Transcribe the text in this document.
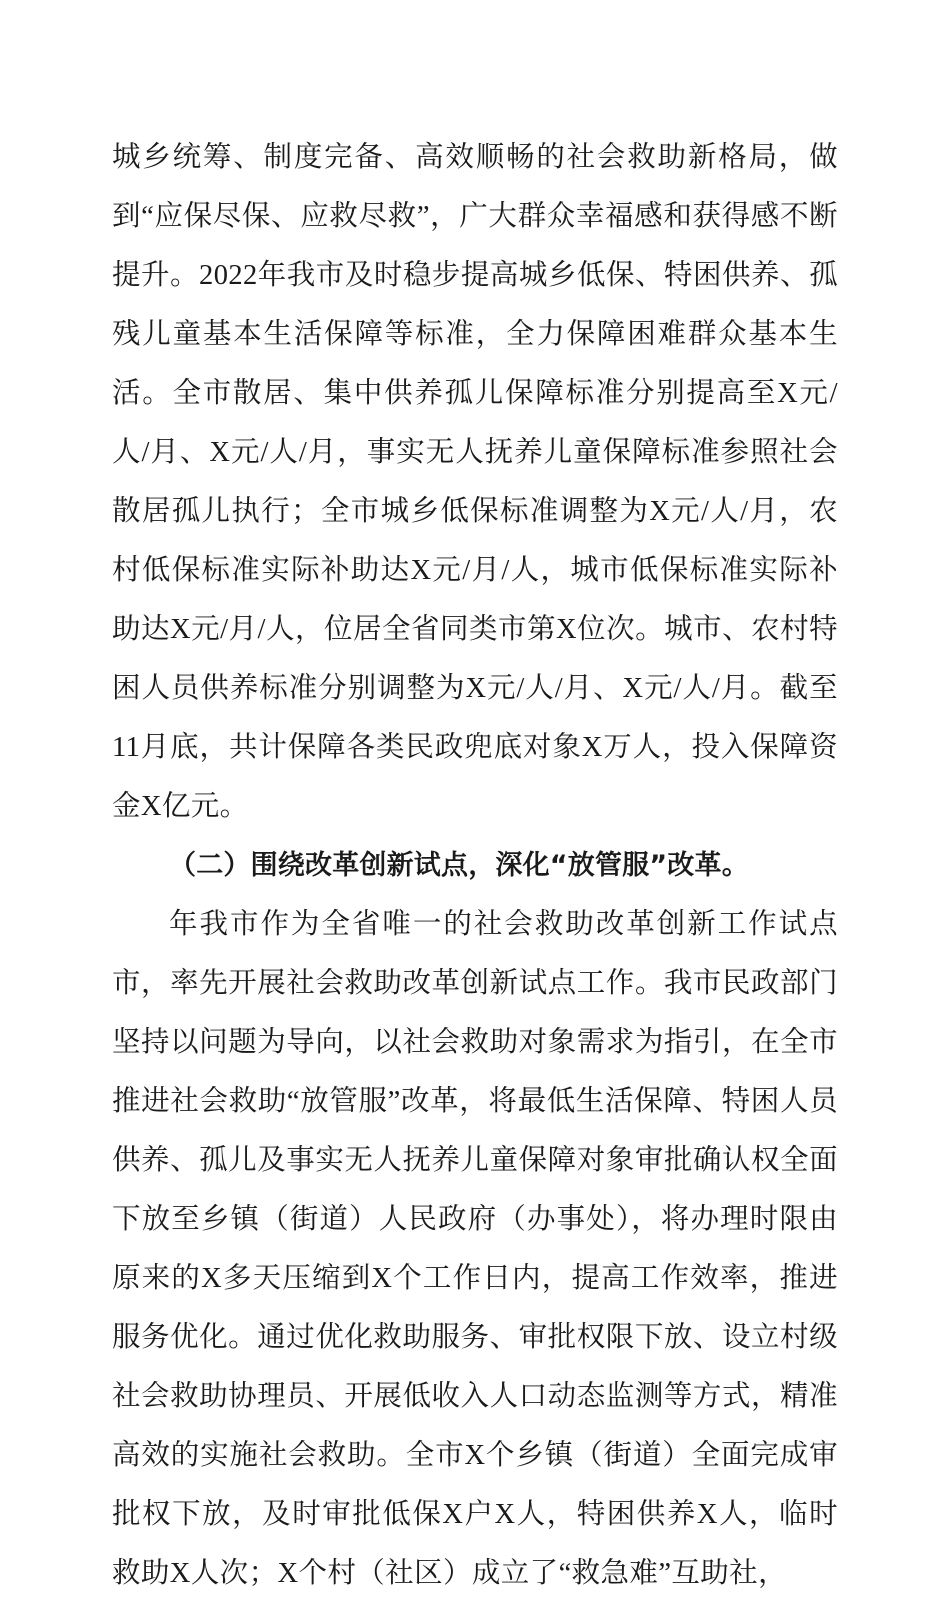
城乡统筹、制度完备、高效顺畅的社会救助新格局，做到“应保尽保、应救尽救”，广大群众幸福感和获得感不断提升。2022年我市及时稳步提高城乡低保、特困供养、孤残儿童基本生活保障等标准，全力保障困难群众基本生活。全市散居、集中供养孤儿保障标准分别提高至X元/人/月、X元/人/月，事实无人抚养儿童保障标准参照社会散居孤儿执行；全市城乡低保标准调整为X元/人/月，农村低保标准实际补助达X元/月/人，城市低保标准实际补助达X元/月/人，位居全省同类市第X位次。城市、农村特困人员供养标准分别调整为X元/人/月、X元/人/月。截至11月底，共计保障各类民政兜底对象X万人，投入保障资金X亿元。

（二）围绕改革创新试点，深化“放管服”改革。

年我市作为全省唯一的社会救助改革创新工作试点市，率先开展社会救助改革创新试点工作。我市民政部门坚持以问题为导向，以社会救助对象需求为指引，在全市推进社会救助“放管服”改革，将最低生活保障、特困人员供养、孤儿及事实无人抚养儿童保障对象审批确认权全面下放至乡镇（街道）人民政府（办事处），将办理时限由原来的X多天压缩到X个工作日内，提高工作效率，推进服务优化。通过优化救助服务、审批权限下放、设立村级社会救助协理员、开展低收入人口动态监测等方式，精准高效的实施社会救助。全市X个乡镇（街道）全面完成审批权下放，及时审批低保X户X人，特困供养X人，临时救助X人次；X个村（社区）成立了“救急难”互助社，
